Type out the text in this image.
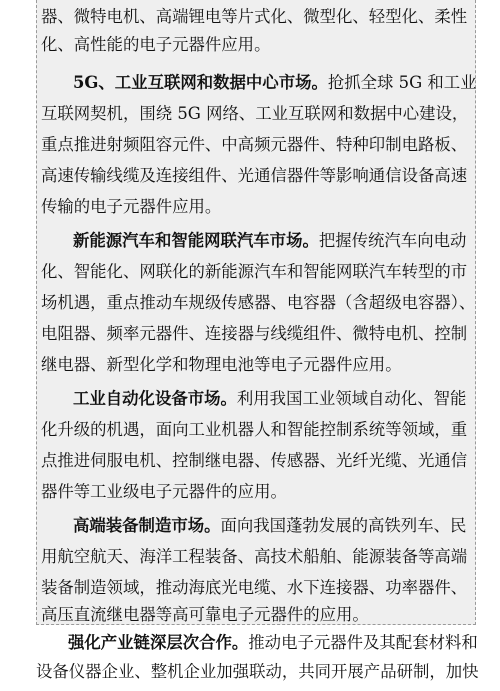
器、微特电机、高端锂电等片式化、微型化、轻型化、柔性
化、高性能的电子元器件应用。
5G、工业互联网和数据中心市场。抢抓全球 5G 和工业
互联网契机，围绕 5G 网络、工业互联网和数据中心建设，
重点推进射频阻容元件、中高频元器件、特种印制电路板、
高速传输线缆及连接组件、光通信器件等影响通信设备高速
传输的电子元器件应用。
新能源汽车和智能网联汽车市场。把握传统汽车向电动
化、智能化、网联化的新能源汽车和智能网联汽车转型的市
场机遇，重点推动车规级传感器、电容器（含超级电容器）、
电阻器、频率元器件、连接器与线缆组件、微特电机、控制
继电器、新型化学和物理电池等电子元器件应用。
工业自动化设备市场。利用我国工业领域自动化、智能
化升级的机遇，面向工业机器人和智能控制系统等领域，重
点推进伺服电机、控制继电器、传感器、光纤光缆、光通信
器件等工业级电子元器件的应用。
高端装备制造市场。面向我国蓬勃发展的高铁列车、民
用航空航天、海洋工程装备、高技术船舶、能源装备等高端
装备制造领域，推动海底光电缆、水下连接器、功率器件、
高压直流继电器等高可靠电子元器件的应用。
强化产业链深层次合作。推动电子元器件及其配套材料和
设备仪器企业、整机企业加强联动，共同开展产品研制，加快
